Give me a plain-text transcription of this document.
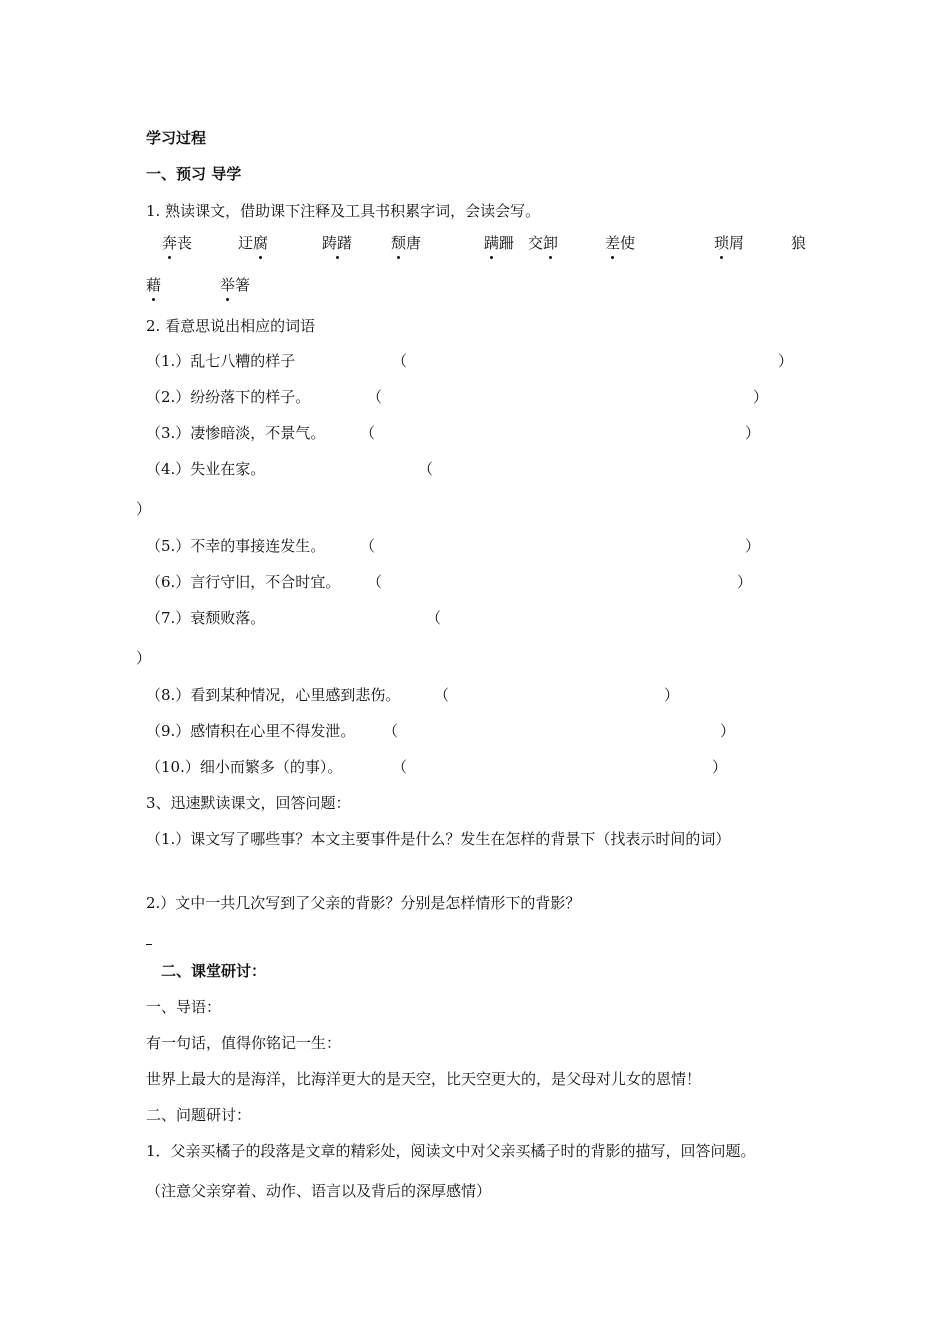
学习过程
一、预习 导学
1. 熟读课文，借助课下注释及工具书积累字词，会读会写。
奔丧	迂腐	踌躇	颓唐	蹒跚 交卸	差使	琐屑	狼
藉	举箸
2. 看意思说出相应的词语
（1.）乱七八糟的样子	（	）
（2.）纷纷落下的样子。	（	）
（3.）凄惨暗淡，不景气。 （	）
（4.）失业在家。	（
）
（5.）不幸的事接连发生。 （	）
（6.）言行守旧，不合时宜。 （	）
（7.）衰颓败落。	（
）
（8.）看到某种情况，心里感到悲伤。 （	）
（9.）感情积在心里不得发泄。 （	）
（10.）细小而繁多（的事）。	（	）
3、迅速默读课文，回答问题：
（1.）课文写了哪些事？本文主要事件是什么？发生在怎样的背景下（找表示时间的词）
2.）文中一共几次写到了父亲的背影？分别是怎样情形下的背影？
二、课堂研讨：
一、导语：
有一句话，值得你铭记一生：
世界上最大的是海洋，比海洋更大的是天空，比天空更大的，是父母对儿女的恩情！
二、问题研讨：
1．父亲买橘子的段落是文章的精彩处，阅读文中对父亲买橘子时的背影的描写，回答问题。
（注意父亲穿着、动作、语言以及背后的深厚感情）
